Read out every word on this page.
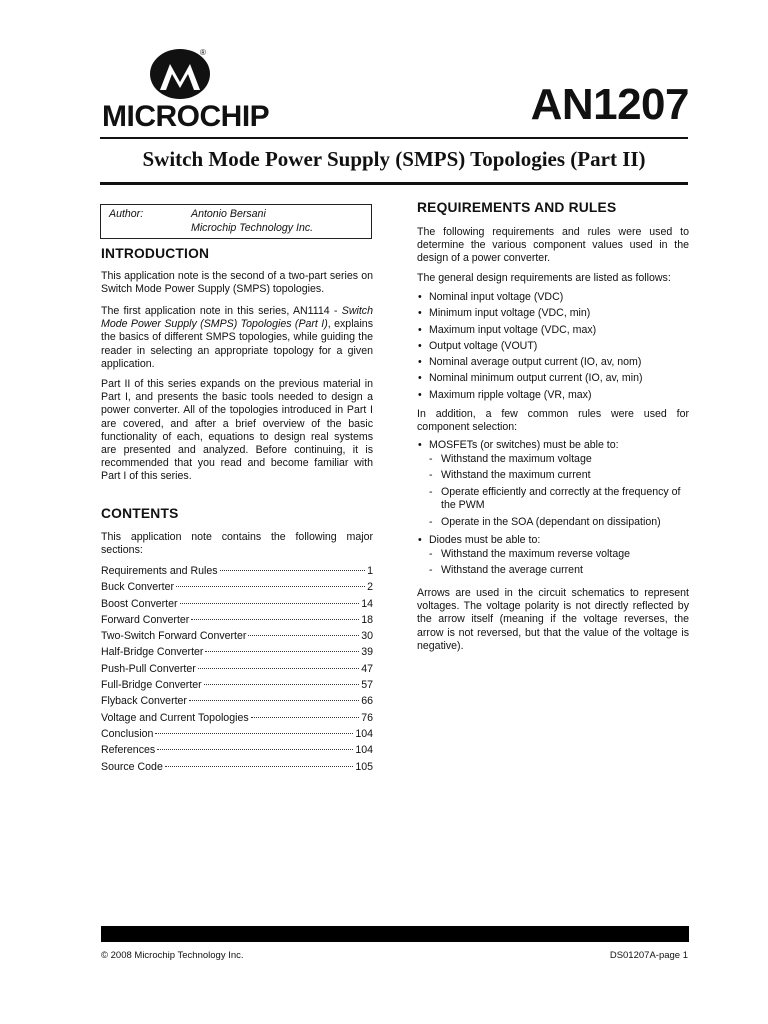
®
MICROCHIP	AN1207
Switch Mode Power Supply (SMPS) Topologies (Part II)
Author:	Antonio Bersani
Microchip Technology Inc.
INTRODUCTION

This application note is the second of a two-part series on Switch Mode Power Supply (SMPS) topologies.

The first application note in this series, AN1114 - Switch Mode Power Supply (SMPS) Topologies (Part I), explains the basics of different SMPS topologies, while guiding the reader in selecting an appropriate topology for a given application.

Part II of this series expands on the previous material in Part I, and presents the basic tools needed to design a power converter. All of the topologies introduced in Part I are covered, and after a brief overview of the basic functionality of each, equations to design real systems are presented and analyzed. Before continuing, it is recommended that you read and become familiar with Part I of this series.

CONTENTS

This application note contains the following major sections:

Requirements and Rules	1
Buck Converter	2
Boost Converter	14
Forward Converter	18
Two-Switch Forward Converter	30
Half-Bridge Converter	39
Push-Pull Converter	47
Full-Bridge Converter	57
Flyback Converter	66
Voltage and Current Topologies	76
Conclusion	104
References	104
Source Code	105
REQUIREMENTS AND RULES

The following requirements and rules were used to determine the various component values used in the design of a power converter.

The general design requirements are listed as follows:

• Nominal input voltage (VDC)
• Minimum input voltage (VDC, min)
• Maximum input voltage (VDC, max)
• Output voltage (VOUT)
• Nominal average output current (IO, av, nom)
• Nominal minimum output current (IO, av, min)
• Maximum ripple voltage (VR, max)

In addition, a few common rules were used for component selection:

• MOSFETs (or switches) must be able to:
- Withstand the maximum voltage
- Withstand the maximum current
- Operate efficiently and correctly at the frequency of the PWM
- Operate in the SOA (dependant on dissipation)
• Diodes must be able to:
- Withstand the maximum reverse voltage
- Withstand the average current

Arrows are used in the circuit schematics to represent voltages. The voltage polarity is not directly reflected by the arrow itself (meaning if the voltage reverses, the arrow is not reversed, but that the value of the voltage is negative).

© 2008 Microchip Technology Inc.	DS01207A-page 1
